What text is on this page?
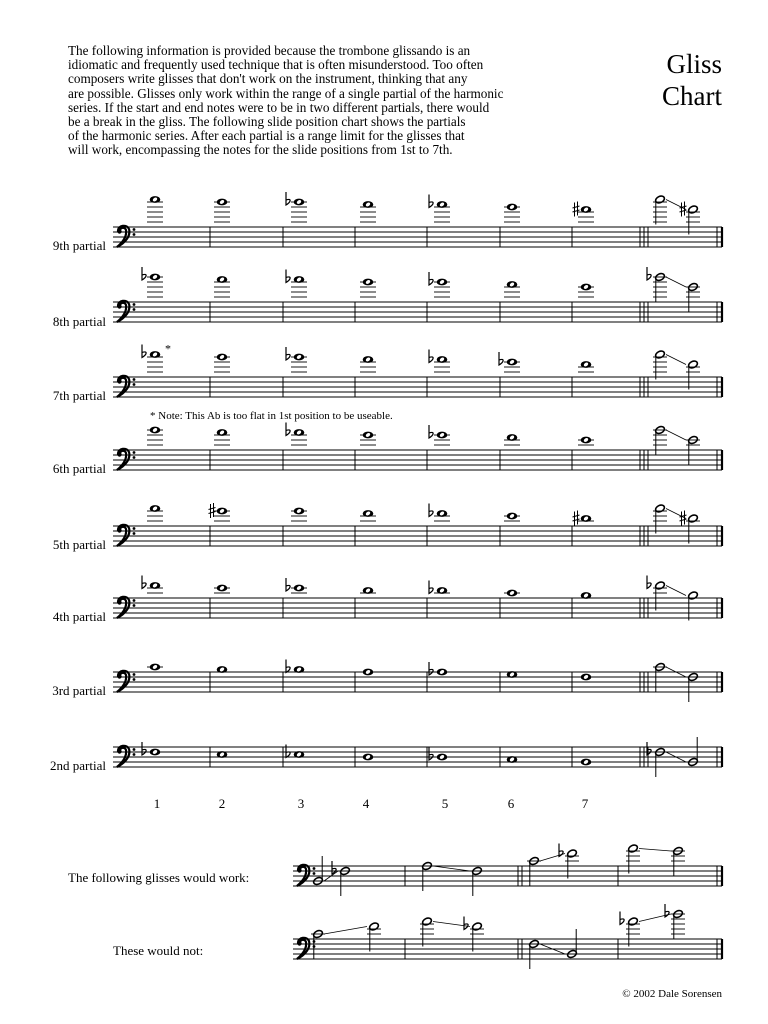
The following information is provided because the trombone glissando is an
idiomatic and frequently used technique that is often misunderstood. Too often
composers write glisses that don't work on the instrument, thinking that any
are possible. Glisses only work within the range of a single partial of the harmonic
series. If the start and end notes were to be in two different partials, there would
be a break in the gliss. The following slide position chart shows the partials
of the harmonic series. After each partial is a range limit for the glisses that
will work, encompassing the notes for the slide positions from 1st to 7th.

Gliss
Chart
9th partial
8th partial
7th partial
6th partial
5th partial
4th partial
3rd partial
2nd partial
* Note: This Ab is too flat in 1st position to be useable.
1	2	3	4	5	6	7
The following glisses would work:
These would not:
© 2002 Dale Sorensen
*
